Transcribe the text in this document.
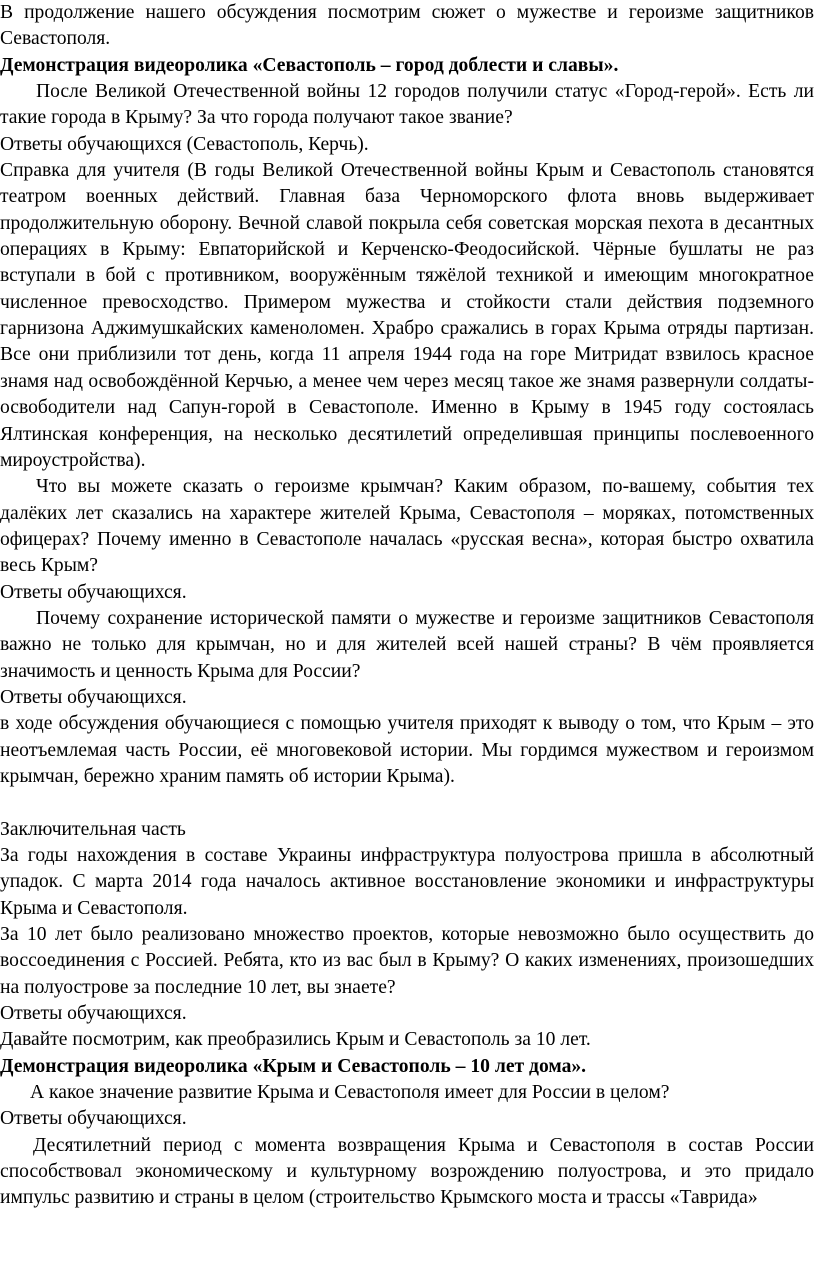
В продолжение нашего обсуждения посмотрим сюжет о мужестве и героизме защитников Севастополя.

Демонстрация видеоролика «Севастополь – город доблести и славы».

После Великой Отечественной войны 12 городов получили статус «Город-герой». Есть ли такие города в Крыму? За что города получают такое звание?

Ответы обучающихся (Севастополь, Керчь).

Справка для учителя (В годы Великой Отечественной войны Крым и Севастополь становятся театром военных действий. Главная база Черноморского флота вновь выдерживает продолжительную оборону. Вечной славой покрыла себя советская морская пехота в десантных операциях в Крыму: Евпаторийской и Керченско-Феодосийской. Чёрные бушлаты не раз вступали в бой с противником, вооружённым тяжёлой техникой и имеющим многократное численное превосходство. Примером мужества и стойкости стали действия подземного гарнизона Аджимушкайских каменоломен. Храбро сражались в горах Крыма отряды партизан. Все они приблизили тот день, когда 11 апреля 1944 года на горе Митридат взвилось красное знамя над освобождённой Керчью, а менее чем через месяц такое же знамя развернули солдаты-освободители над Сапун-горой в Севастополе. Именно в Крыму в 1945 году состоялась Ялтинская конференция, на несколько десятилетий определившая принципы послевоенного мироустройства).

Что вы можете сказать о героизме крымчан? Каким образом, по-вашему, события тех далёких лет сказались на характере жителей Крыма, Севастополя – моряках, потомственных офицерах? Почему именно в Севастополе началась «русская весна», которая быстро охватила весь Крым?

Ответы обучающихся.

Почему сохранение исторической памяти о мужестве и героизме защитников Севастополя важно не только для крымчан, но и для жителей всей нашей страны? В чём проявляется значимость и ценность Крыма для России?

Ответы обучающихся.

в ходе обсуждения обучающиеся с помощью учителя приходят к выводу о том, что Крым – это неотъемлемая часть России, её многовековой истории. Мы гордимся мужеством и героизмом крымчан, бережно храним память об истории Крыма).

Заключительная часть

За годы нахождения в составе Украины инфраструктура полуострова пришла в абсолютный упадок. С марта 2014 года началось активное восстановление экономики и инфраструктуры Крыма и Севастополя.

За 10 лет было реализовано множество проектов, которые невозможно было осуществить до воссоединения с Россией. Ребята, кто из вас был в Крыму? О каких изменениях, произошедших на полуострове за последние 10 лет, вы знаете?

Ответы обучающихся.

Давайте посмотрим, как преобразились Крым и Севастополь за 10 лет.

Демонстрация видеоролика «Крым и Севастополь – 10 лет дома».

А какое значение развитие Крыма и Севастополя имеет для России в целом?

Ответы обучающихся.

Десятилетний период с момента возвращения Крыма и Севастополя в состав России способствовал экономическому и культурному возрождению полуострова, и это придало импульс развитию и страны в целом (строительство Крымского моста и трассы «Таврида»
